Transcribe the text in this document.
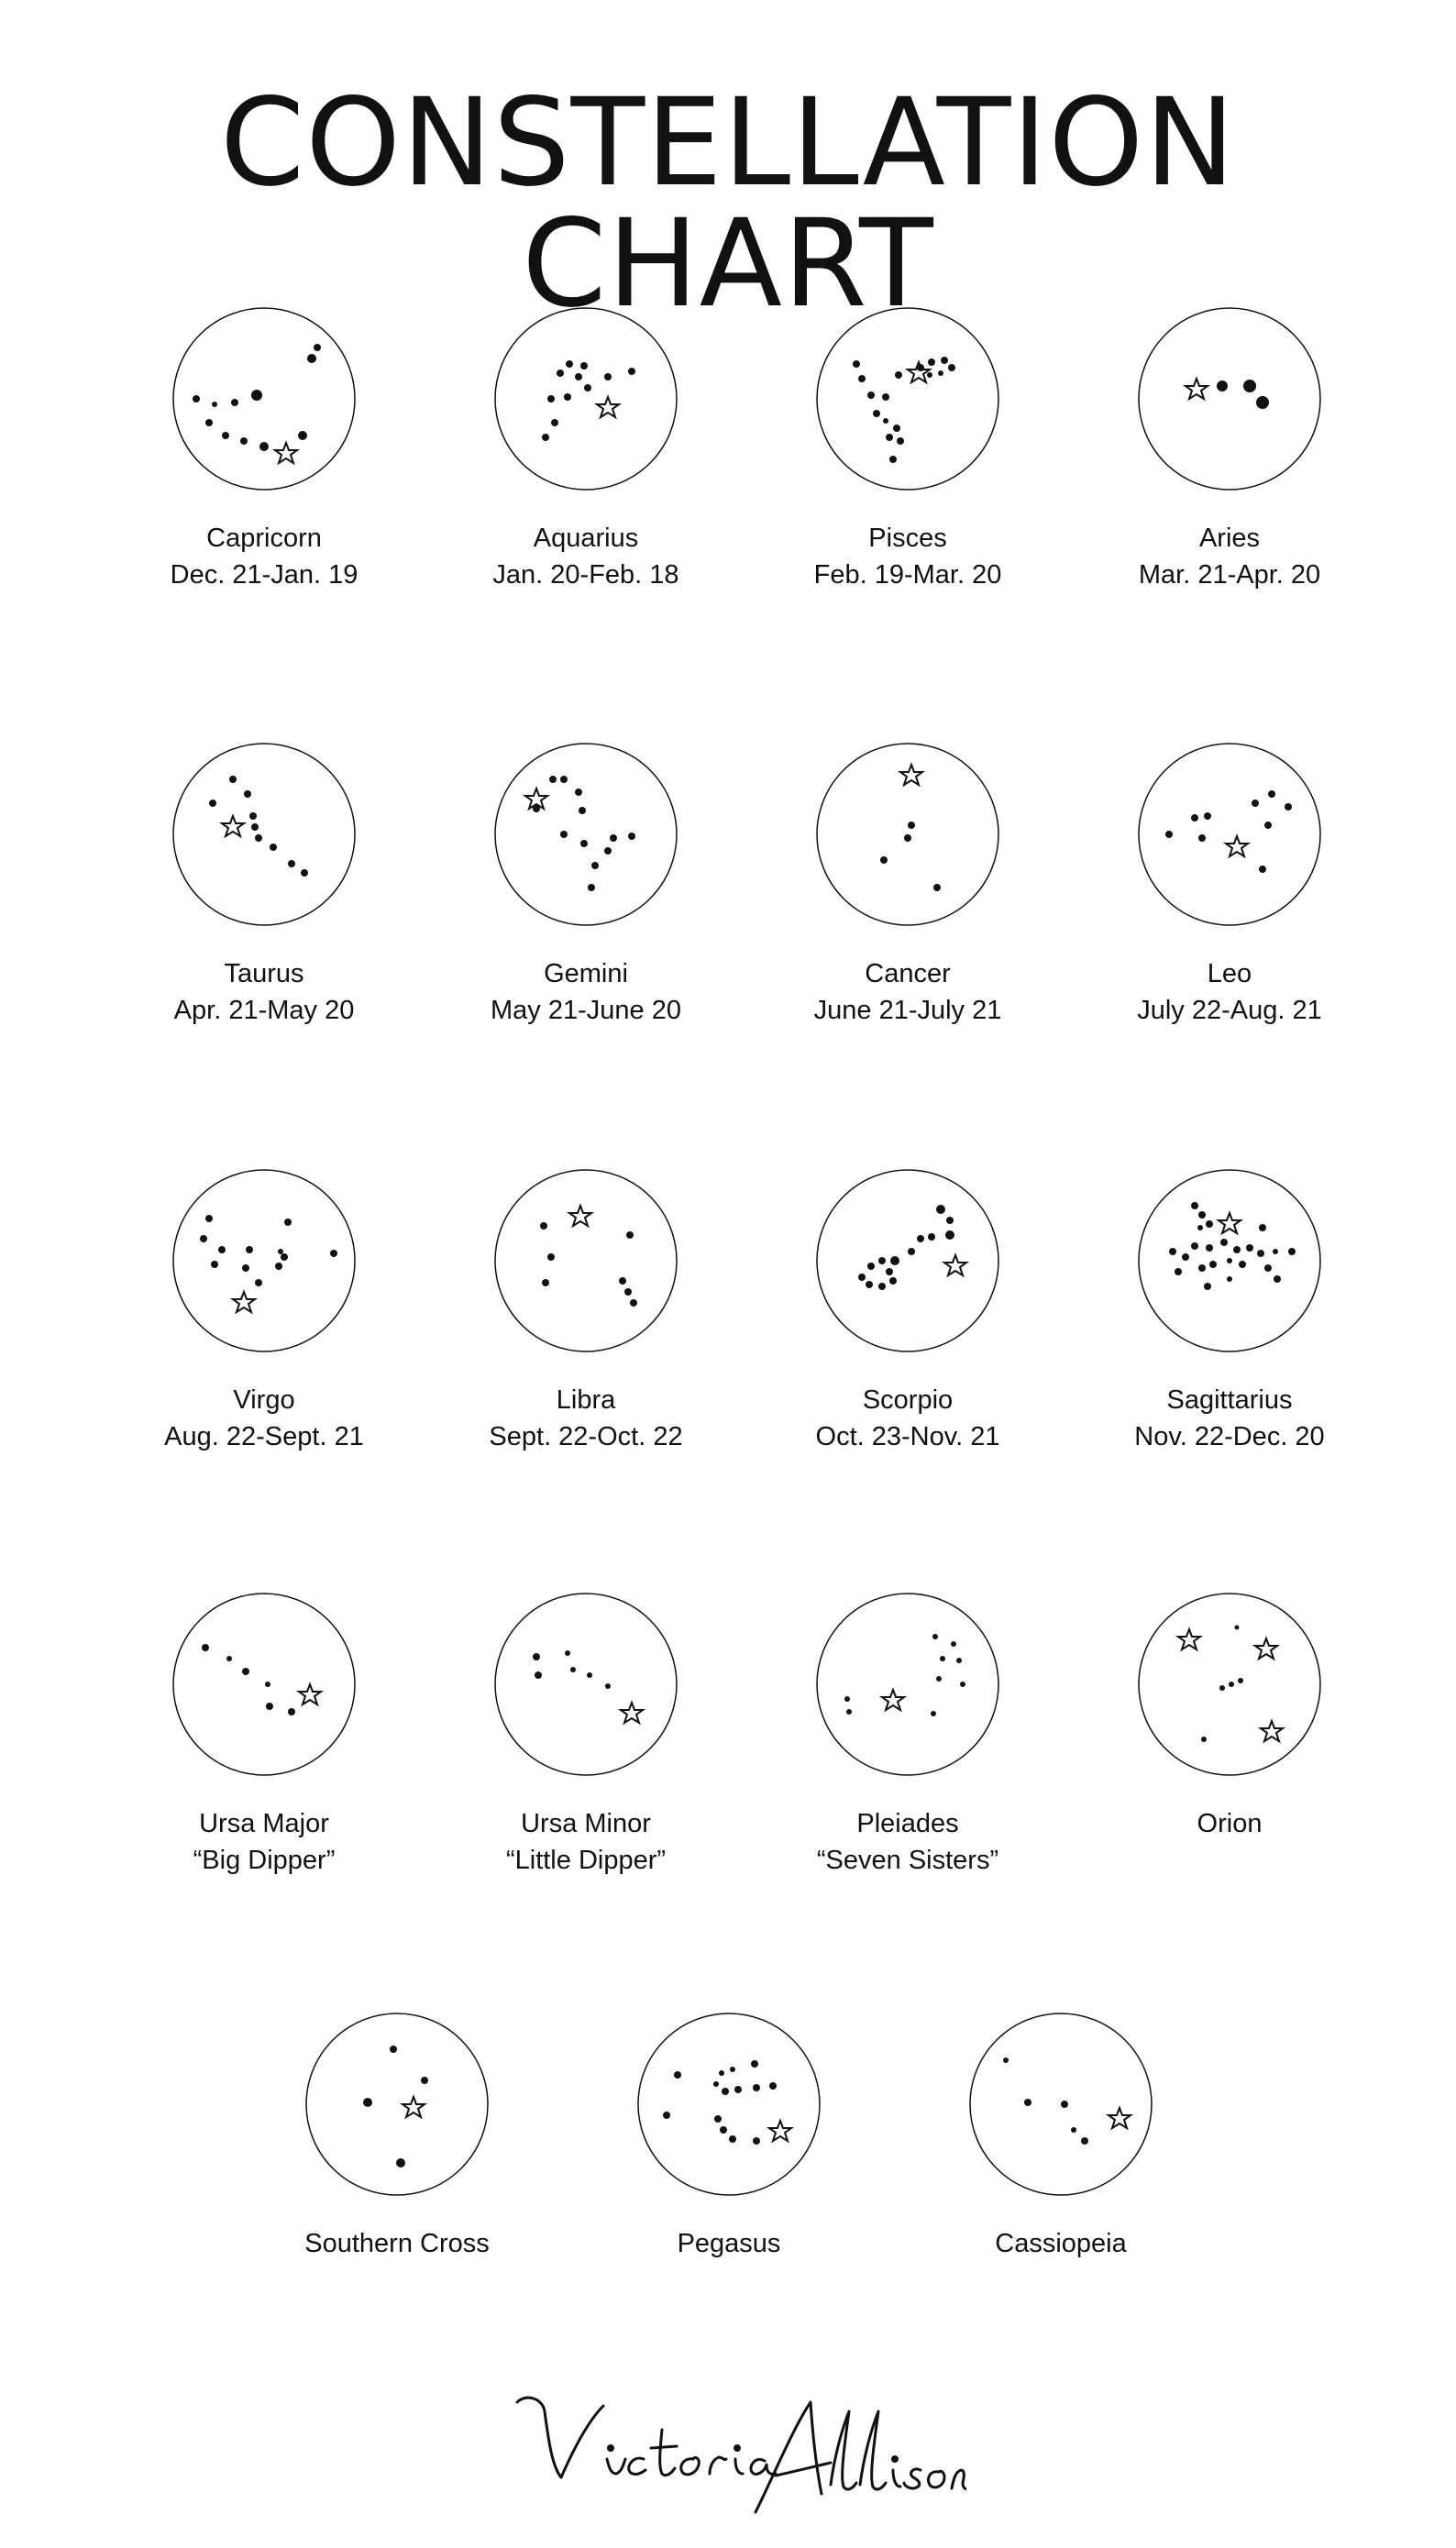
CONSTELLATION CHART
Capricorn
Dec. 21-Jan. 19
Aquarius
Jan. 20-Feb. 18
Pisces
Feb. 19-Mar. 20
Aries
Mar. 21-Apr. 20
Taurus
Apr. 21-May 20
Gemini
May 21-June 20
Cancer
June 21-July 21
Leo
July 22-Aug. 21
Virgo
Aug. 22-Sept. 21
Libra
Sept. 22-Oct. 22
Scorpio
Oct. 23-Nov. 21
Sagittarius
Nov. 22-Dec. 20
Ursa Major
“Big Dipper”
Ursa Minor
“Little Dipper”
Pleiades
“Seven Sisters”
Orion
Southern Cross	Pegasus	Cassiopeia
